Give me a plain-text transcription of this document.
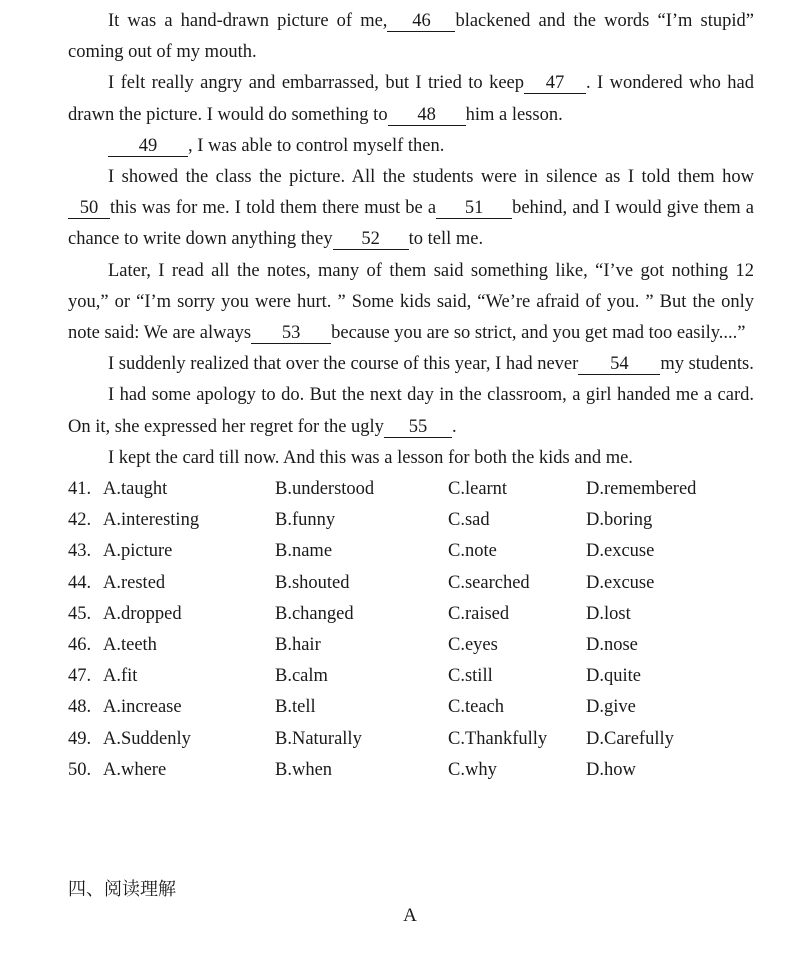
It was a hand-drawn picture of me, 46 blackened and the words “I’m stupid” coming out of my mouth.

I felt really angry and embarrassed, but I tried to keep 47 . I wondered who had drawn the picture. I would do something to 48 him a lesson.

49 , I was able to control myself then.

I showed the class the picture. All the students were in silence as I told them how 50 this was for me. I told them there must be a 51 behind, and I would give them a chance to write down anything they 52 to tell me.

Later, I read all the notes, many of them said something like, “I’ve got nothing 12 you,” or “I’m sorry you were hurt. ” Some kids said, “We’re afraid of you. ” But the only note said: We are always 53 because you are so strict, and you get mad too easily....”

I suddenly realized that over the course of this year, I had never 54 my students.

I had some apology to do. But the next day in the classroom, a girl handed me a card. On it, she expressed her regret for the ugly 55 .

I kept the card till now. And this was a lesson for both the kids and me.

41. A.taught	B.understood	C.learnt	D.remembered
42. A.interesting	B.funny	C.sad	D.boring
43. A.picture	B.name	C.note	D.excuse
44. A.rested	B.shouted	C.searched	D.excuse
45. A.dropped	B.changed	C.raised	D.lost
46. A.teeth	B.hair	C.eyes	D.nose
47. A.fit	B.calm	C.still	D.quite
48. A.increase	B.tell	C.teach	D.give
49. A.Suddenly	B.Naturally	C.Thankfully D.Carefully
50. A.where	B.when	C.why	D.how
四、阅读理解
A
